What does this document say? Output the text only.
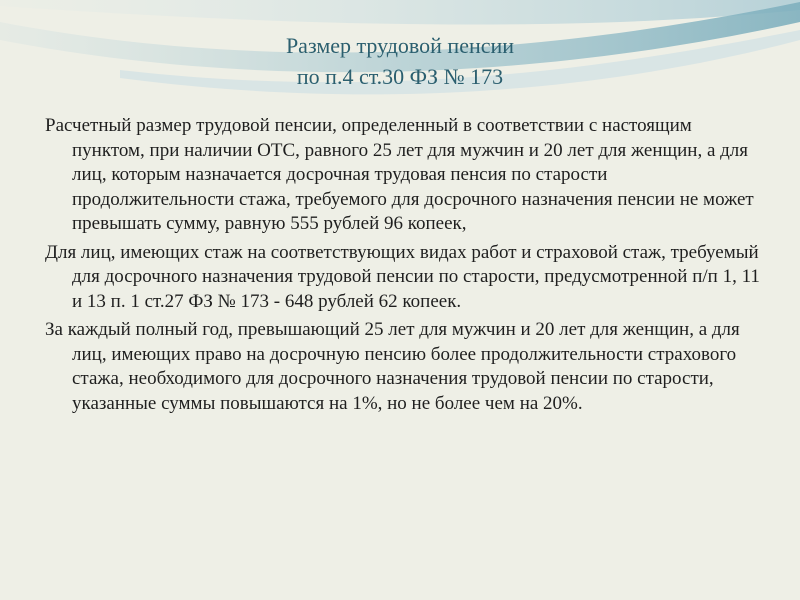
Размер трудовой пенсии
по п.4 ст.30 ФЗ № 173

Расчетный размер трудовой пенсии, определенный в соответствии с настоящим пунктом, при наличии ОТС, равного 25 лет для мужчин и 20 лет для женщин, а для лиц, которым назначается досрочная трудовая пенсия по старости продолжительности стажа, требуемого для досрочного назначения пенсии не может превышать сумму, равную 555 рублей 96 копеек,

Для лиц, имеющих стаж на соответствующих видах работ и страховой стаж, требуемый для досрочного назначения трудовой пенсии по старости, предусмотренной п/п 1, 11 и 13 п. 1 ст.27 ФЗ № 173 - 648 рублей 62 копеек.

За каждый полный год, превышающий 25 лет для мужчин и 20 лет для женщин, а для лиц, имеющих право на досрочную пенсию более продолжительности страхового стажа, необходимого для досрочного назначения трудовой пенсии по старости, указанные суммы повышаются на 1%, но не более чем на 20%.
